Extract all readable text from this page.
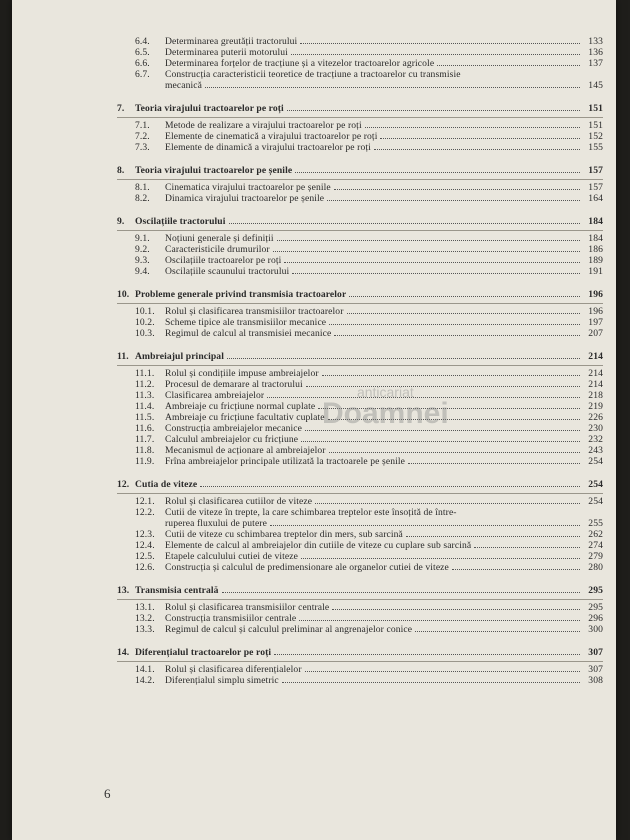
6.4.	Determinarea greutății tractorului	133
6.5.	Determinarea puterii motorului	136
6.6.	Determinarea forțelor de tracțiune și a vitezelor tractoarelor agricole	137
6.7.	Construcția caracteristicii teoretice de tracțiune a tractoarelor cu transmisie
mecanică	145
7.	Teoria virajului tractoarelor pe roți	151
7.1.	Metode de realizare a virajului tractoarelor pe roți	151
7.2.	Elemente de cinematică a virajului tractoarelor pe roți	152
7.3.	Elemente de dinamică a virajului tractoarelor pe roți	155
8.	Teoria virajului tractoarelor pe șenile	157
8.1.	Cinematica virajului tractoarelor pe șenile	157
8.2.	Dinamica virajului tractoarelor pe șenile	164
9.	Oscilațiile tractorului	184
9.1.	Noțiuni generale și definiții	184
9.2.	Caracteristicile drumurilor	186
9.3.	Oscilațiile tractoarelor pe roți	189
9.4.	Oscilațiile scaunului tractorului	191
10. Probleme generale privind transmisia tractoarelor	196
10.1.	Rolul și clasificarea transmisiilor tractoarelor	196
10.2.	Scheme tipice ale transmisiilor mecanice	197
10.3.	Regimul de calcul al transmisiei mecanice	207
11. Ambreiajul principal	214
11.1.	Rolul și condițiile impuse ambreiajelor	214
11.2.	Procesul de demarare al tractorului	214
11.3.	Clasificarea ambreiajelor	218
11.4.	Ambreiaje cu fricțiune normal cuplate	219
11.5.	Ambreiaje cu fricțiune facultativ cuplate	226
11.6.	Construcția ambreiajelor mecanice	230
11.7.	Calculul ambreiajelor cu fricțiune	232
11.8.	Mecanismul de acționare al ambreiajelor	243
11.9.	Frîna ambreiajelor principale utilizată la tractoarele pe șenile	254
12. Cutia de viteze	254
12.1.	Rolul și clasificarea cutiilor de viteze	254
12.2.	Cutii de viteze în trepte, la care schimbarea treptelor este însoțită de între-
ruperea fluxului de putere	255
12.3.	Cutii de viteze cu schimbarea treptelor din mers, sub sarcină	262
12.4.	Elemente de calcul al ambreiajelor din cutiile de viteze cu cuplare sub sarcină	274
12.5.	Etapele calculului cutiei de viteze	279
12.6.	Construcția și calculul de predimensionare ale organelor cutiei de viteze	280
13. Transmisia centrală	295
13.1.	Rolul și clasificarea transmisiilor centrale	295
13.2.	Construcția transmisiilor centrale	296
13.3.	Regimul de calcul și calculul preliminar al angrenajelor conice	300
14. Diferențialul tractoarelor pe roți	307
14.1.	Rolul și clasificarea diferențialelor	307
14.2.	Diferențialul simplu simetric	308
6
anticariat
Doamnei
